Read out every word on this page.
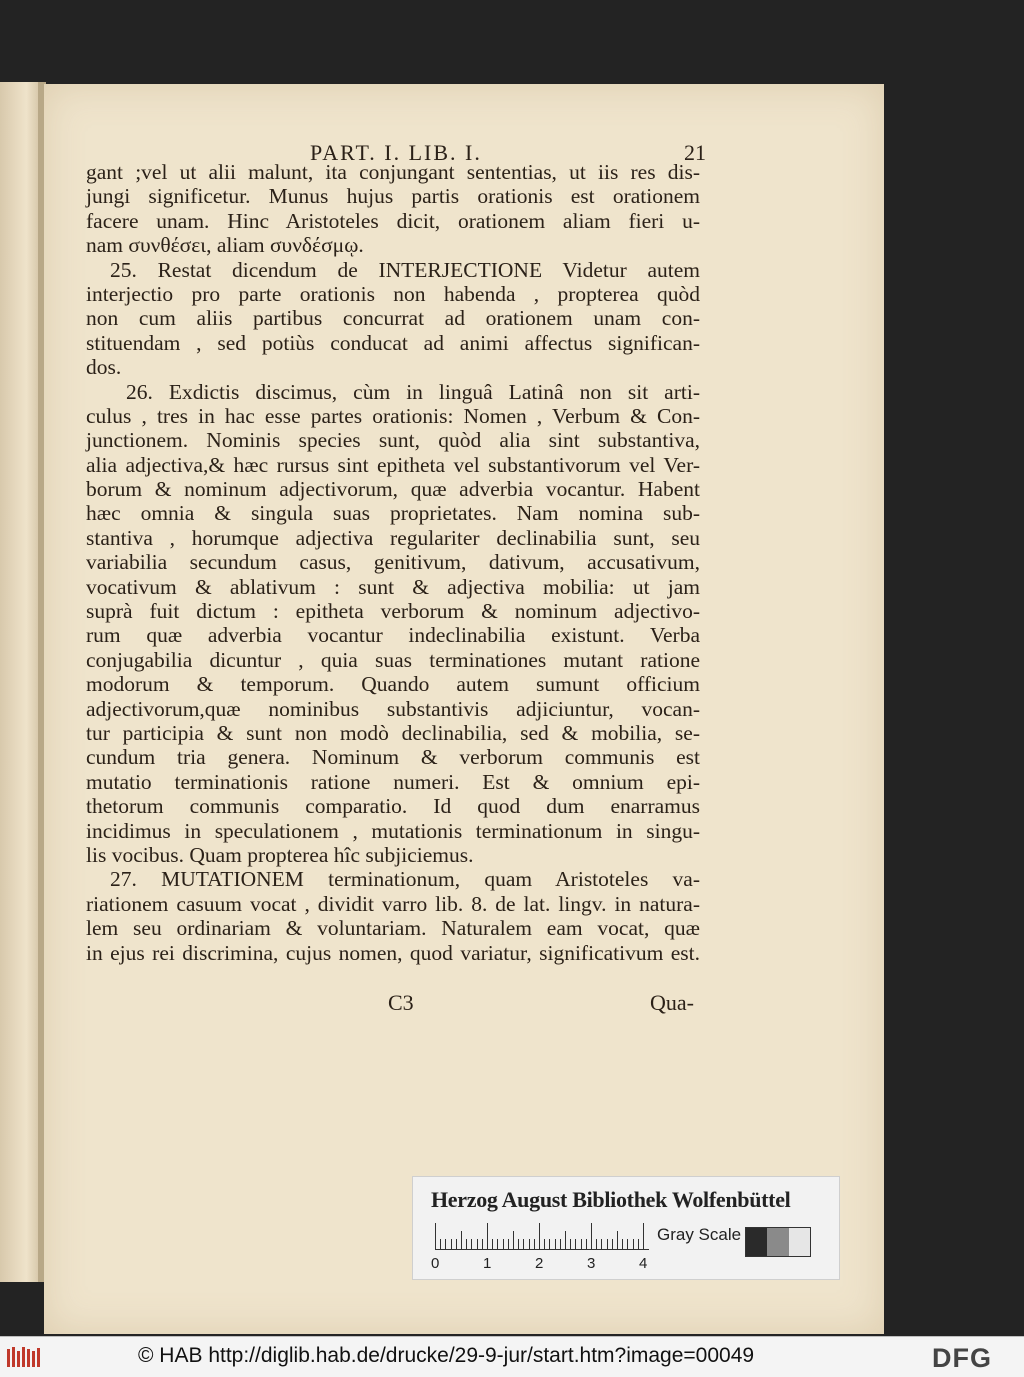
PART. I. LIB. I.	21
gant ;vel ut alii malunt, ita conjungant sententias, ut iis res dis-
jungi significetur. Munus hujus partis orationis est orationem
facere unam. Hinc Aristoteles dicit, orationem aliam fieri u-
nam συνθέσει, aliam συνδέσμῳ.
25. Restat dicendum de INTERJECTIONE Videtur autem
interjectio pro parte orationis non habenda , propterea quòd
non cum aliis partibus concurrat ad orationem unam con-
stituendam , sed potiùs conducat ad animi affectus significan-
dos.
26. Exdictis discimus, cùm in linguâ Latinâ non sit arti-
culus , tres in hac esse partes orationis: Nomen , Verbum & Con-
junctionem. Nominis species sunt, quòd alia sint substantiva,
alia adjectiva,& hæc rursus sint epitheta vel substantivorum vel Ver-
borum & nominum adjectivorum, quæ adverbia vocantur. Habent
hæc omnia & singula suas proprietates. Nam nomina sub-
stantiva , horumque adjectiva regulariter declinabilia sunt, seu
variabilia secundum casus, genitivum, dativum, accusativum,
vocativum & ablativum : sunt & adjectiva mobilia: ut jam
suprà fuit dictum : epitheta verborum & nominum adjectivo-
rum quæ adverbia vocantur indeclinabilia existunt. Verba
conjugabilia dicuntur , quia suas terminationes mutant ratione
modorum & temporum. Quando autem sumunt officium
adjectivorum,quæ nominibus substantivis adjiciuntur, vocan-
tur participia & sunt non modò declinabilia, sed & mobilia, se-
cundum tria genera. Nominum & verborum communis est
mutatio terminationis ratione numeri. Est & omnium epi-
thetorum communis comparatio. Id quod dum enarramus
incidimus in speculationem , mutationis terminationum in singu-
lis vocibus. Quam propterea hîc subjiciemus.
27. MUTATIONEM terminationum, quam Aristoteles va-
riationem casuum vocat , dividit varro lib. 8. de lat. lingv. in natura-
lem seu ordinariam & voluntariam. Naturalem eam vocat, quæ
in ejus rei discrimina, cujus nomen, quod variatur, significativum est.
C3	Qua-
Herzog August Bibliothek Wolfenbüttel
0	1	2	3	4
Gray Scale
© HAB http://diglib.hab.de/drucke/29-9-jur/start.htm?image=00049	DFG
